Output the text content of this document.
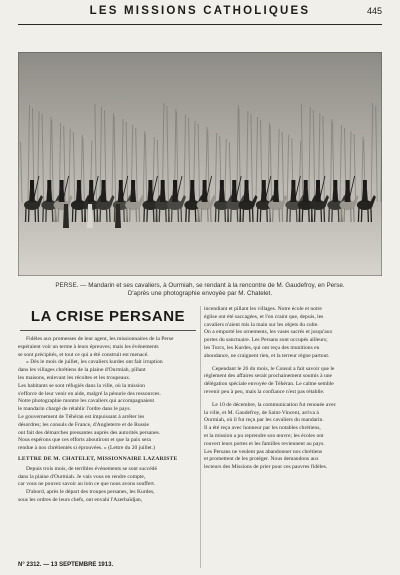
LES MISSIONS CATHOLIQUES	445
PERSE. — Mandarin et ses cavaliers, à Ourmiah, se rendant à la rencontre de M. Gaudefroy, en Perse.
D'après une photographie envoyée par M. Chatelet.
LA CRISE PERSANE
Fidèles aux promesses de leur agent, les missionnaires de la Perse
espéraient voir un terme à leurs épreuves; mais les événements
se sont précipités, et tout ce qui a été construit est menacé.
« Dès le mois de juillet, les cavaliers kurdes ont fait irruption
dans les villages chrétiens de la plaine d'Ourmiah, pillant
les maisons, enlevant les récoltes et les troupeaux.
Les habitants se sont réfugiés dans la ville, où la mission
s'efforce de leur venir en aide, malgré la pénurie des ressources.
Notre photographie montre les cavaliers qui accompagnaient
le mandarin chargé de rétablir l'ordre dans le pays.
Le gouvernement de Téhéran est impuissant à arrêter les
désordres; les consuls de France, d'Angleterre et de Russie
ont fait des démarches pressantes auprès des autorités persanes.
Nous espérons que ces efforts aboutiront et que la paix sera
rendue à nos chrétientés si éprouvées. » (Lettre du 20 juillet.)
LETTRE DE M. CHATELET, MISSIONNAIRE LAZARISTE
Depuis trois mois, de terribles événements se sont succédé
dans la plaine d'Ourmiah. Je vais vous en rendre compte,
car vous ne pouvez savoir au loin ce que nous avons souffert.
D'abord, après le départ des troupes persanes, les Kurdes,
sous les ordres de leurs chefs, ont envahi l'Azerbaïdjan,
N° 2312. — 13 SEPTEMBRE 1913.
incendiant et pillant les villages. Notre école et notre
église ont été saccagées, et l'on craint que, depuis, les
cavaliers n'aient mis la main sur les objets du culte.
On a emporté les ornements, les vases sacrés et jusqu'aux
portes du sanctuaire. Les Persans sont occupés ailleurs;
les Turcs, les Kurdes, qui ont reçu des munitions en
abondance, ne craignent rien, et la terreur règne partout.
Cependant le 26 du mois, le Consul a fait savoir que le
règlement des affaires serait prochainement soumis à une
délégation spéciale envoyée de Téhéran. Le calme semble
revenir peu à peu, mais la confiance n'est pas rétablie.
Le 10 de décembre, la communication fut renouée avec
la ville, et M. Gaudefroy, de Saint-Vincent, arriva à
Ourmiah, où il fut reçu par les cavaliers du mandarin.
Il a été reçu avec honneur par les notables chrétiens,
et la mission a pu reprendre son œuvre; les écoles ont
rouvert leurs portes et les familles reviennent au pays.
Les Persans ne veulent pas abandonner nos chrétiens
et promettent de les protéger. Nous demandons aux
lecteurs des Missions de prier pour ces pauvres fidèles.
